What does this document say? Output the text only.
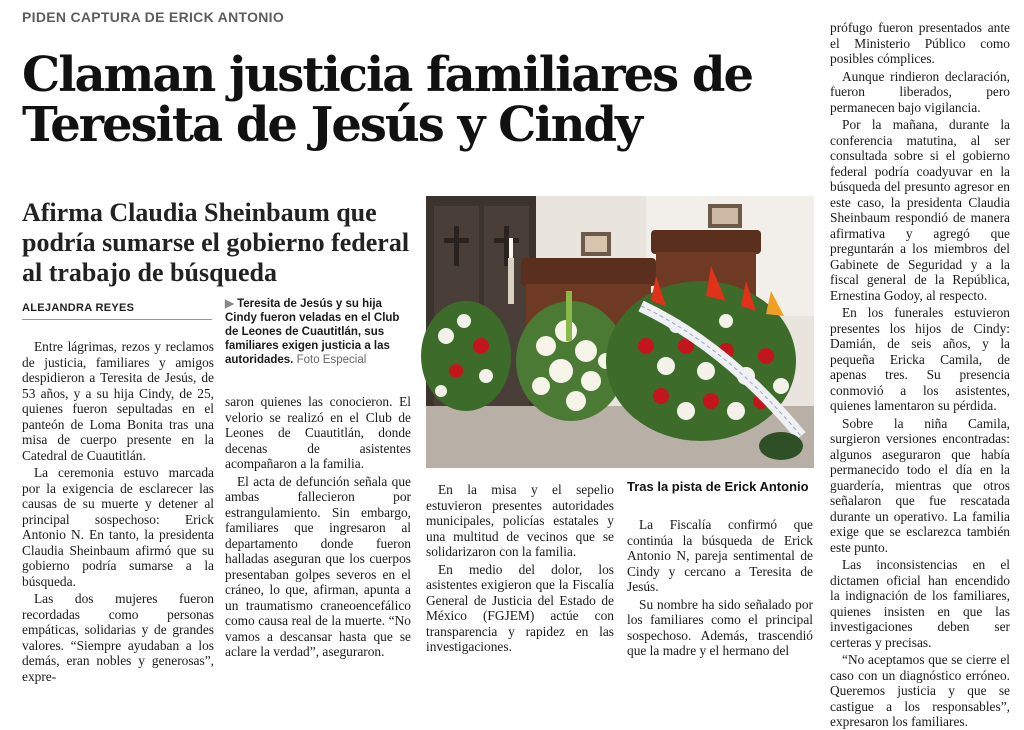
PIDEN CAPTURA DE ERICK ANTONIO
Claman justicia familiares de Teresita de Jesús y Cindy
Afirma Claudia Sheinbaum que podría sumarse el gobierno federal al trabajo de búsqueda
ALEJANDRA REYES

Entre lágrimas, rezos y reclamos de justicia, familiares y amigos despidieron a Teresita de Jesús, de 53 años, y a su hija Cindy, de 25, quienes fueron sepultadas en el panteón de Loma Bonita tras una misa de cuerpo presente en la Catedral de Cuautitlán.

La ceremonia estuvo marcada por la exigencia de esclarecer las causas de su muerte y detener al principal sospechoso: Erick Antonio N. En tanto, la presidenta Claudia Sheinbaum afirmó que su gobierno podría sumarse a la búsqueda.

Las dos mujeres fueron recordadas como personas empáticas, solidarias y de grandes valores. “Siempre ayudaban a los demás, eran nobles y generosas”, expre-

▶ Teresita de Jesús y su hija Cindy fueron veladas en el Club de Leones de Cuautitlán, sus familiares exigen justicia a las autoridades. Foto Especial

saron quienes las conocieron. El velorio se realizó en el Club de Leones de Cuautitlán, donde decenas de asistentes acompañaron a la familia.

El acta de defunción señala que ambas fallecieron por estrangulamiento. Sin embargo, familiares que ingresaron al departamento donde fueron halladas aseguran que los cuerpos presentaban golpes severos en el cráneo, lo que, afirman, apunta a un traumatismo craneoencefálico como causa real de la muerte. “No vamos a descansar hasta que se aclare la verdad”, aseguraron.

En la misa y el sepelio estuvieron presentes autoridades municipales, policías estatales y una multitud de vecinos que se solidarizaron con la familia.

En medio del dolor, los asistentes exigieron que la Fiscalía General de Justicia del Estado de México (FGJEM) actúe con transparencia y rapidez en las investigaciones.

Tras la pista de Erick Antonio

La Fiscalía confirmó que continúa la búsqueda de Erick Antonio N, pareja sentimental de Cindy y cercano a Teresita de Jesús.

Su nombre ha sido señalado por los familiares como el principal sospechoso. Además, trascendió que la madre y el hermano del

prófugo fueron presentados ante el Ministerio Público como posibles cómplices.

Aunque rindieron declaración, fueron liberados, pero permanecen bajo vigilancia.

Por la mañana, durante la conferencia matutina, al ser consultada sobre si el gobierno federal podría coadyuvar en la búsqueda del presunto agresor en este caso, la presidenta Claudia Sheinbaum respondió de manera afirmativa y agregó que preguntarán a los miembros del Gabinete de Seguridad y a la fiscal general de la República, Ernestina Godoy, al respecto.

En los funerales estuvieron presentes los hijos de Cindy: Damián, de seis años, y la pequeña Ericka Camila, de apenas tres. Su presencia conmovió a los asistentes, quienes lamentaron su pérdida.

Sobre la niña Camila, surgieron versiones encontradas: algunos aseguraron que había permanecido todo el día en la guardería, mientras que otros señalaron que fue rescatada durante un operativo. La familia exige que se esclarezca también este punto.

Las inconsistencias en el dictamen oficial han encendido la indignación de los familiares, quienes insisten en que las investigaciones deben ser certeras y precisas.

“No aceptamos que se cierre el caso con un diagnóstico erróneo. Queremos justicia y que se castigue a los responsables”, expresaron los familiares.
